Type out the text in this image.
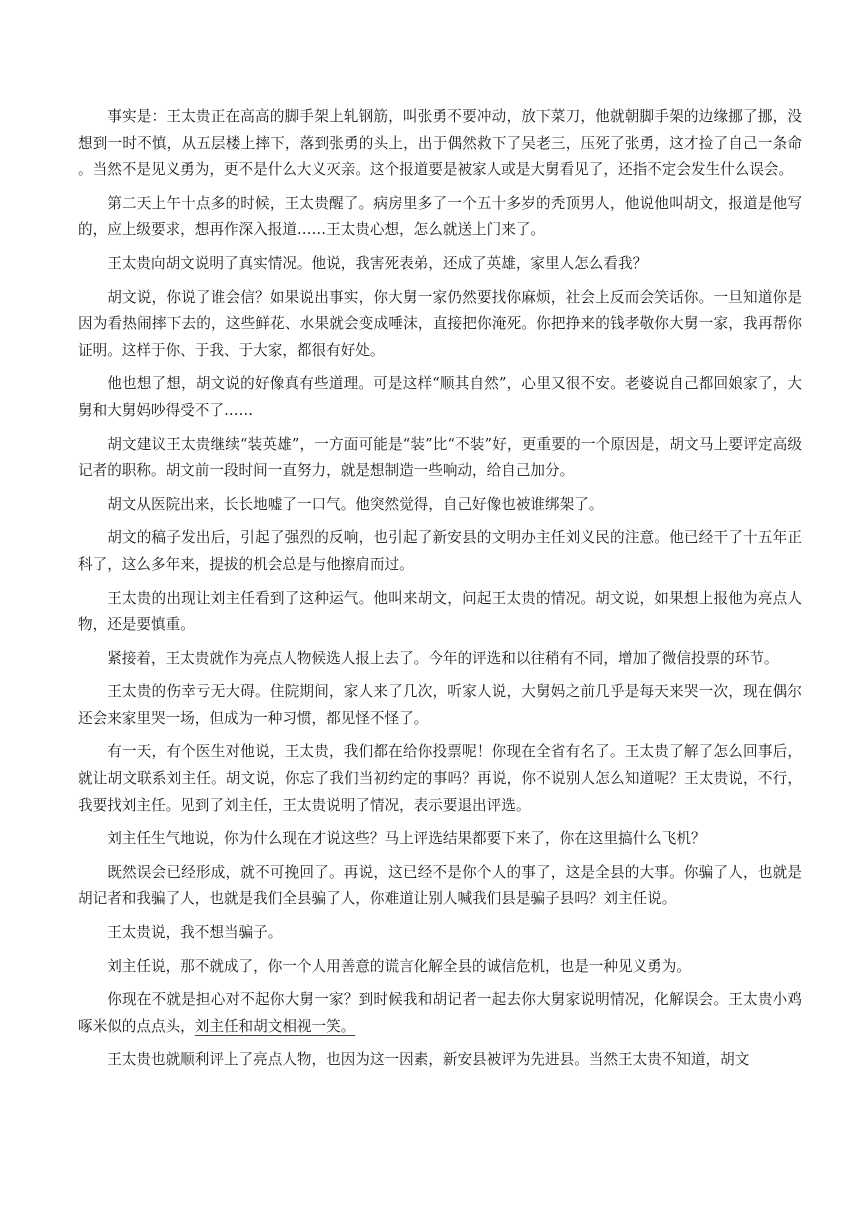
事实是：王太贵正在高高的脚手架上轧钢筋，叫张勇不要冲动，放下菜刀，他就朝脚手架的边缘挪了挪，没想到一时不慎，从五层楼上摔下，落到张勇的头上，出于偶然救下了吴老三，压死了张勇，这才捡了自己一条命。当然不是见义勇为，更不是什么大义灭亲。这个报道要是被家人或是大舅看见了，还指不定会发生什么误会。

第二天上午十点多的时候，王太贵醒了。病房里多了一个五十多岁的秃顶男人，他说他叫胡文，报道是他写的，应上级要求，想再作深入报道……王太贵心想，怎么就送上门来了。

王太贵向胡文说明了真实情况。他说，我害死表弟，还成了英雄，家里人怎么看我？

胡文说，你说了谁会信？如果说出事实，你大舅一家仍然要找你麻烦，社会上反而会笑话你。一旦知道你是因为看热闹摔下去的，这些鲜花、水果就会变成唾沫，直接把你淹死。你把挣来的钱孝敬你大舅一家，我再帮你证明。这样于你、于我、于大家，都很有好处。

他也想了想，胡文说的好像真有些道理。可是这样“顺其自然”，心里又很不安。老婆说自己都回娘家了，大舅和大舅妈吵得受不了……

胡文建议王太贵继续“装英雄”，一方面可能是“装”比“不装”好，更重要的一个原因是，胡文马上要评定高级记者的职称。胡文前一段时间一直努力，就是想制造一些响动，给自己加分。

胡文从医院出来，长长地嘘了一口气。他突然觉得，自己好像也被谁绑架了。

胡文的稿子发出后，引起了强烈的反响，也引起了新安县的文明办主任刘义民的注意。他已经干了十五年正科了，这么多年来，提拔的机会总是与他擦肩而过。

王太贵的出现让刘主任看到了这种运气。他叫来胡文，问起王太贵的情况。胡文说，如果想上报他为亮点人物，还是要慎重。

紧接着，王太贵就作为亮点人物候选人报上去了。今年的评选和以往稍有不同，增加了微信投票的环节。

王太贵的伤幸亏无大碍。住院期间，家人来了几次，听家人说，大舅妈之前几乎是每天来哭一次，现在偶尔还会来家里哭一场，但成为一种习惯，都见怪不怪了。

有一天，有个医生对他说，王太贵，我们都在给你投票呢！你现在全省有名了。王太贵了解了怎么回事后，就让胡文联系刘主任。胡文说，你忘了我们当初约定的事吗？再说，你不说别人怎么知道呢？王太贵说，不行，我要找刘主任。见到了刘主任，王太贵说明了情况，表示要退出评选。

刘主任生气地说，你为什么现在才说这些？马上评选结果都要下来了，你在这里搞什么飞机？

既然误会已经形成，就不可挽回了。再说，这已经不是你个人的事了，这是全县的大事。你骗了人，也就是胡记者和我骗了人，也就是我们全县骗了人，你难道让别人喊我们县是骗子县吗？刘主任说。

王太贵说，我不想当骗子。

刘主任说，那不就成了，你一个人用善意的谎言化解全县的诚信危机，也是一种见义勇为。

你现在不就是担心对不起你大舅一家？到时候我和胡记者一起去你大舅家说明情况，化解误会。王太贵小鸡啄米似的点点头，刘主任和胡文相视一笑。

王太贵也就顺利评上了亮点人物，也因为这一因素，新安县被评为先进县。当然王太贵不知道，胡文
